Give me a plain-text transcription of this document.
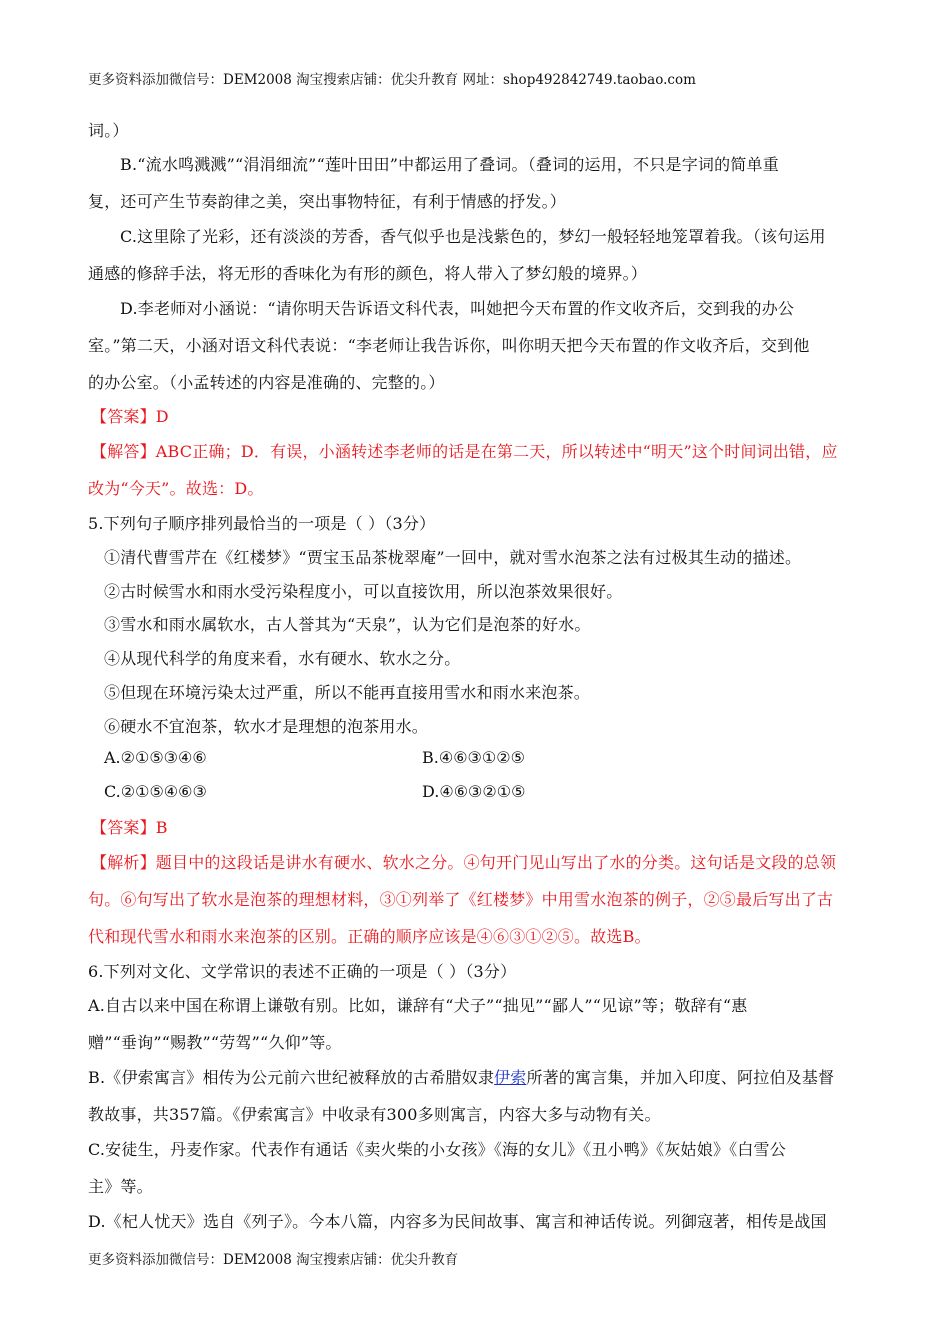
更多资料添加微信号：DEM2008 淘宝搜索店铺：优尖升教育 网址：shop492842749.taobao.com
词。）
B.“流水鸣溅溅”“涓涓细流”“莲叶田田”中都运用了叠词。（叠词的运用，不只是字词的简单重
复，还可产生节奏韵律之美，突出事物特征，有利于情感的抒发。）
C.这里除了光彩，还有淡淡的芳香，香气似乎也是浅紫色的，梦幻一般轻轻地笼罩着我。（该句运用
通感的修辞手法，将无形的香味化为有形的颜色，将人带入了梦幻般的境界。）
D.李老师对小涵说：“请你明天告诉语文科代表，叫她把今天布置的作文收齐后，交到我的办公
室。”第二天，小涵对语文科代表说：“李老师让我告诉你，叫你明天把今天布置的作文收齐后，交到他
的办公室。（小孟转述的内容是准确的、完整的。）
【答案】D
【解答】ABC正确；D．有误，小涵转述李老师的话是在第二天，所以转述中“明天”这个时间词出错，应
改为“今天”。故选：D。
5.下列句子顺序排列最恰当的一项是（ ）（3分）
①清代曹雪芹在《红楼梦》“贾宝玉品茶栊翠庵”一回中，就对雪水泡茶之法有过极其生动的描述。
②古时候雪水和雨水受污染程度小，可以直接饮用，所以泡茶效果很好。
③雪水和雨水属软水，古人誉其为“天泉”，认为它们是泡茶的好水。
④从现代科学的角度来看，水有硬水、软水之分。
⑤但现在环境污染太过严重，所以不能再直接用雪水和雨水来泡茶。
⑥硬水不宜泡茶，软水才是理想的泡茶用水。
A.②①⑤③④⑥	B.④⑥③①②⑤
C.②①⑤④⑥③	D.④⑥③②①⑤
【答案】B
【解析】题目中的这段话是讲水有硬水、软水之分。④句开门见山写出了水的分类。这句话是文段的总领
句。⑥句写出了软水是泡茶的理想材料，③①列举了《红楼梦》中用雪水泡茶的例子，②⑤最后写出了古
代和现代雪水和雨水来泡茶的区别。正确的顺序应该是④⑥③①②⑤。故选B。
6.下列对文化、文学常识的表述不正确的一项是（ ）（3分）
A.自古以来中国在称谓上谦敬有别。比如，谦辞有“犬子”“拙见”“鄙人”“见谅”等；敬辞有“惠
赠”“垂询”“赐教”“劳驾”“久仰”等。
B.《伊索寓言》相传为公元前六世纪被释放的古希腊奴隶伊索所著的寓言集，并加入印度、阿拉伯及基督
教故事，共357篇。《伊索寓言》中收录有300多则寓言，内容大多与动物有关。
C.安徒生，丹麦作家。代表作有通话《卖火柴的小女孩》《海的女儿》《丑小鸭》《灰姑娘》《白雪公
主》等。
D.《杞人忧天》选自《列子》。今本八篇，内容多为民间故事、寓言和神话传说。列御寇著，相传是战国
更多资料添加微信号：DEM2008 淘宝搜索店铺：优尖升教育
